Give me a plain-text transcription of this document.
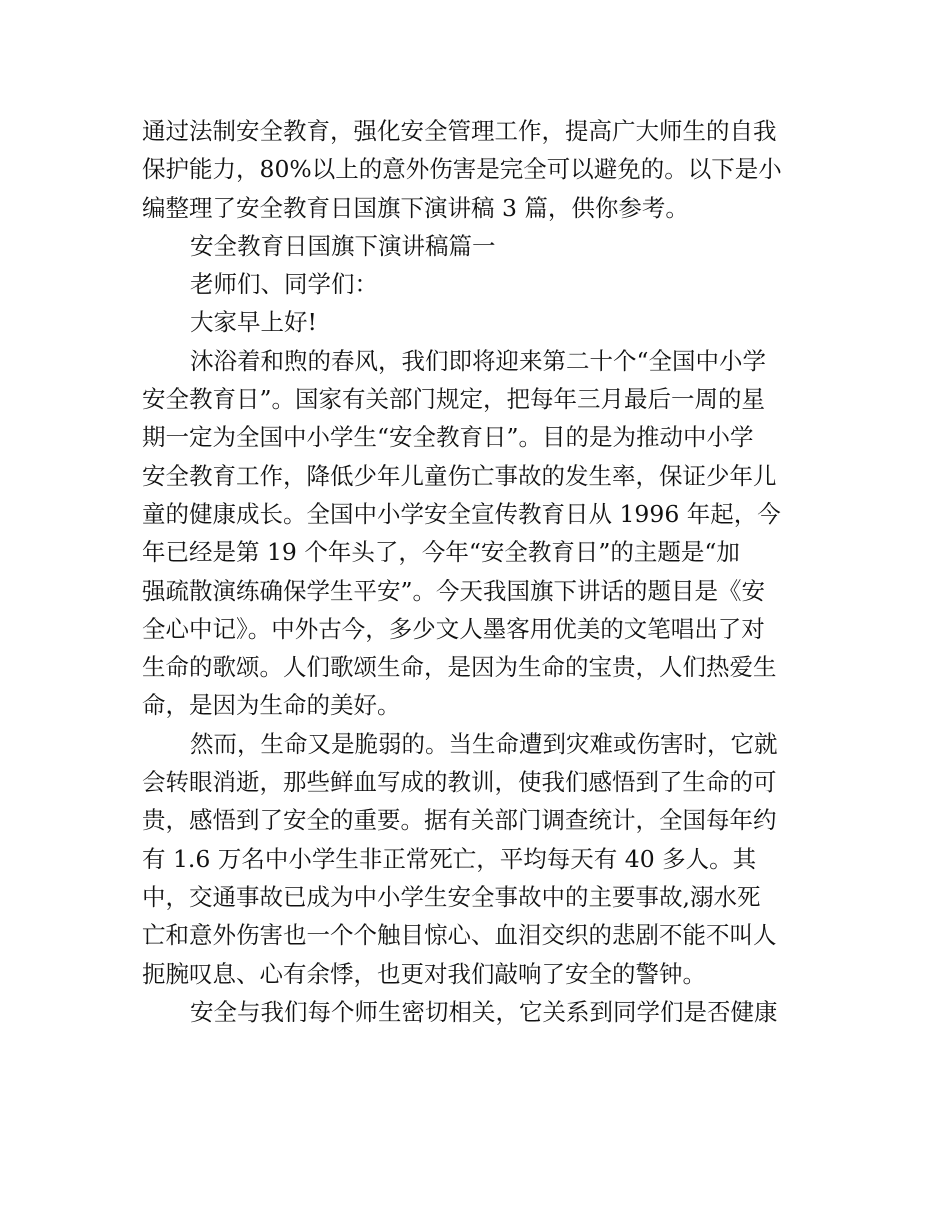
通过法制安全教育，强化安全管理工作，提高广大师生的自我
保护能力，80%以上的意外伤害是完全可以避免的。以下是小
编整理了安全教育日国旗下演讲稿 3 篇，供你参考。
安全教育日国旗下演讲稿篇一
老师们、同学们：
大家早上好!
沐浴着和煦的春风，我们即将迎来第二十个“全国中小学
安全教育日”。国家有关部门规定，把每年三月最后一周的星
期一定为全国中小学生“安全教育日”。目的是为推动中小学
安全教育工作，降低少年儿童伤亡事故的发生率，保证少年儿
童的健康成长。全国中小学安全宣传教育日从 1996 年起，今
年已经是第 19 个年头了，今年“安全教育日”的主题是“加
强疏散演练确保学生平安”。今天我国旗下讲话的题目是《安
全心中记》。中外古今，多少文人墨客用优美的文笔唱出了对
生命的歌颂。人们歌颂生命，是因为生命的宝贵，人们热爱生
命，是因为生命的美好。
然而，生命又是脆弱的。当生命遭到灾难或伤害时，它就
会转眼消逝，那些鲜血写成的教训，使我们感悟到了生命的可
贵，感悟到了安全的重要。据有关部门调查统计，全国每年约
有 1.6 万名中小学生非正常死亡，平均每天有 40 多人。其
中，交通事故已成为中小学生安全事故中的主要事故,溺水死
亡和意外伤害也一个个触目惊心、血泪交织的悲剧不能不叫人
扼腕叹息、心有余悸，也更对我们敲响了安全的警钟。
安全与我们每个师生密切相关，它关系到同学们是否健康
